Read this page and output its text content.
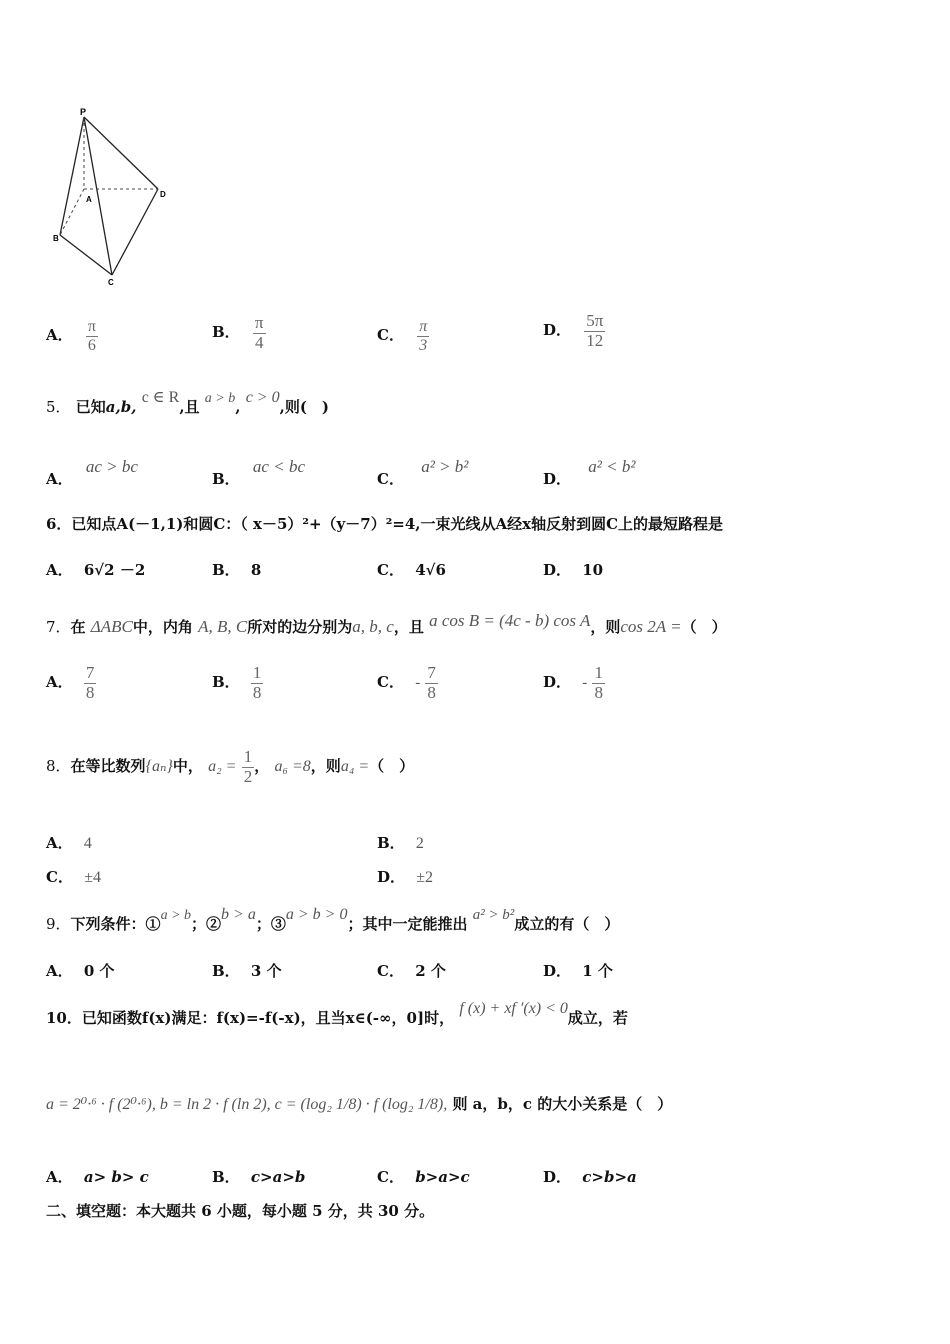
P
A
B
C
D
A． $\frac{\pi}{6}$	B． $\frac{\pi}{4}$	C． $\frac{\pi}{3}$	D． $\frac{5\pi}{12}$
5． 已知a,b, c ∈ R,且 a > b, c > 0,则(　)
A． ac > bc
B． ac < bc
C． a² > b²
D． a² < b²
6．已知点A(－1,1)和圆C：（ x－5）²+（y－7）²=4,一束光线从A经x轴反射到圆C上的最短路程是
A． 6√2 －2	B． 8	C． 4√6	D． 10
7．在 ΔABC中，内角 A, B, C所对的边分别为a, b, c，且 a cos B = (4c - b) cos A，则cos 2A =（　）
A． $\frac{7}{8}$	B． $\frac{1}{8}$	C． - $\frac{7}{8}$	D． - $\frac{1}{8}$
8．在等比数列{aₙ}中， $a_2 = \frac{1}{2}$ ， a₆ =8，则a₄ =（　）
A． 4	B． 2
C． ±4	D． ±2
9．下列条件：①a > b；②b > a；③a > b > 0；其中一定能推出 a² > b²成立的有（　）
A． 0 个	B． 3 个	C． 2 个	D． 1 个
10．已知函数f(x)满足：f(x)=-f(-x)，且当x∈(-∞，0]时， f (x) + xf ′(x) < 0成立，若
a = 2⁰·⁶ · f (2⁰·⁶), b = ln 2 · f (ln 2), c = (log₂ 1/8) · f (log₂ 1/8), 则 a，b，c 的大小关系是（　）
A． a> b> c	B． c>a>b	C． b>a>c	D． c>b>a
二、填空题：本大题共 6 小题，每小题 5 分，共 30 分。
